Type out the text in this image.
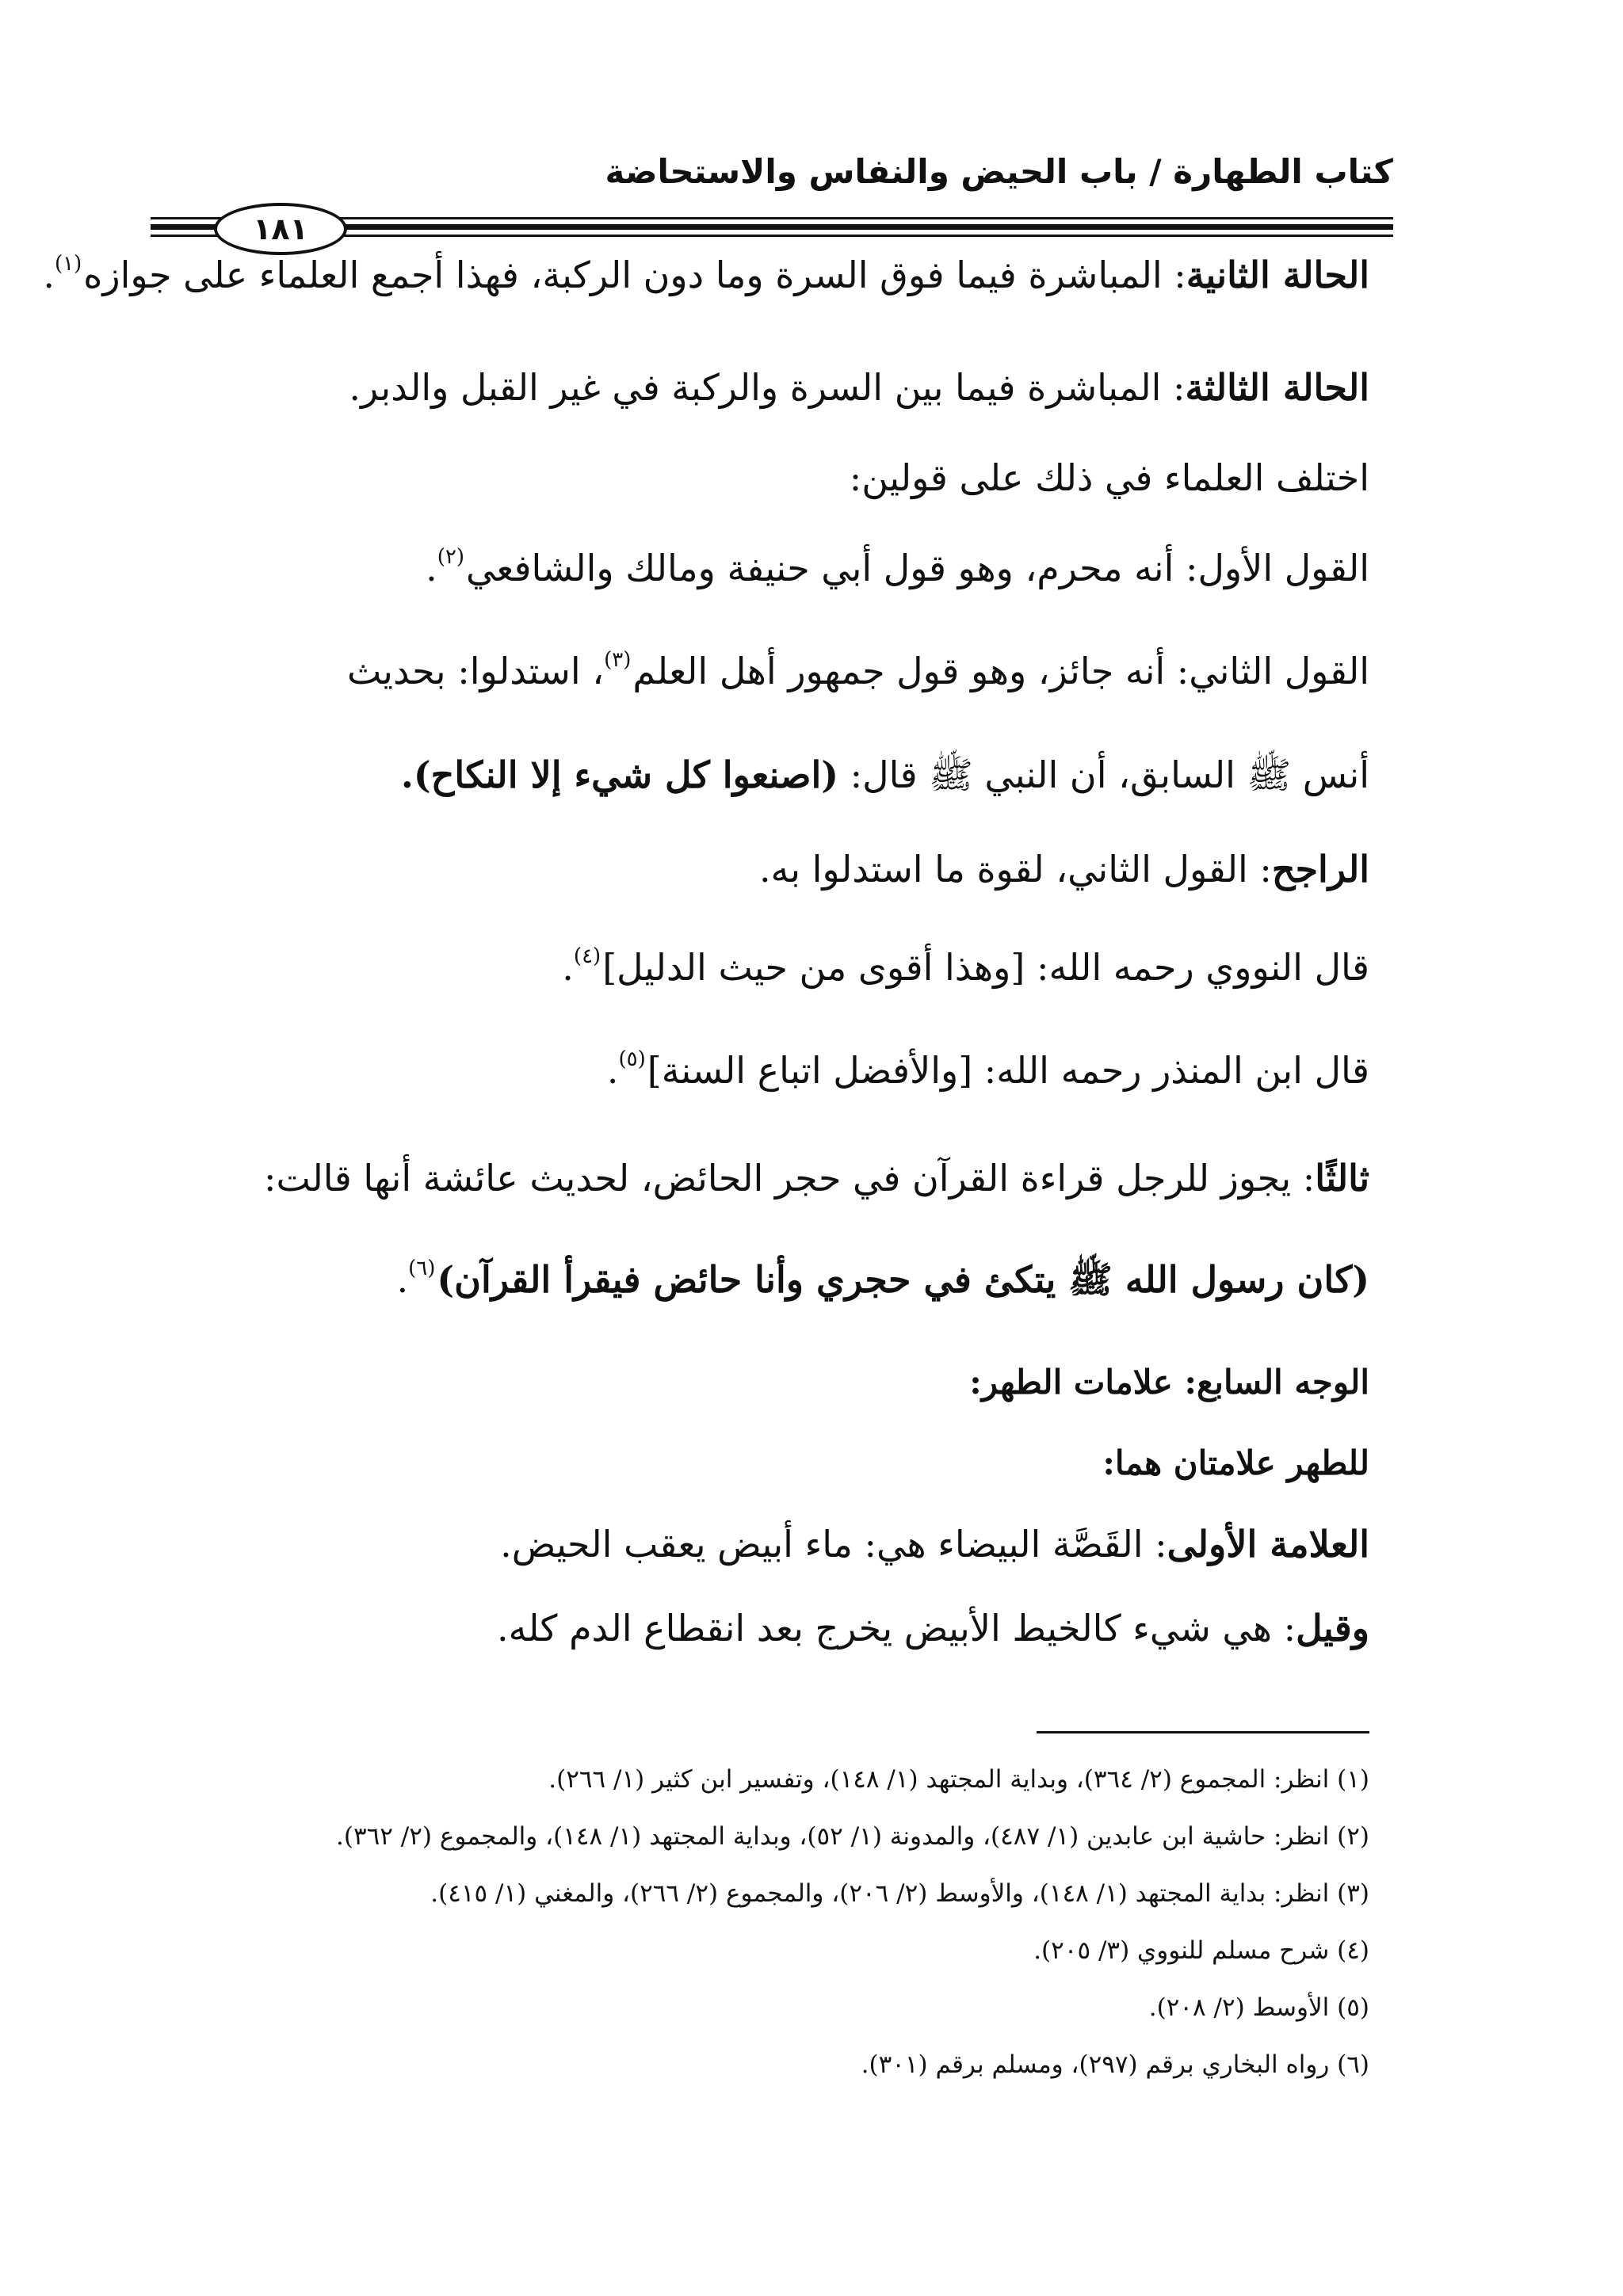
كتاب الطهارة / باب الحيض والنفاس والاستحاضة
١٨١
الحالة الثانية: المباشرة فيما فوق السرة وما دون الركبة، فهذا أجمع العلماء على جوازه$^{(١)}$.
الحالة الثالثة: المباشرة فيما بين السرة والركبة في غير القبل والدبر.
اختلف العلماء في ذلك على قولين:
القول الأول: أنه محرم، وهو قول أبي حنيفة ومالك والشافعي$^{(٢)}$.
القول الثاني: أنه جائز، وهو قول جمهور أهل العلم$^{(٣)}$، استدلوا: بحديث
أنس ﷺ السابق، أن النبي ﷺ قال: (اصنعوا كل شيء إلا النكاح).
الراجح: القول الثاني، لقوة ما استدلوا به.
قال النووي رحمه الله: [وهذا أقوى من حيث الدليل]$^{(٤)}$.
قال ابن المنذر رحمه الله: [والأفضل اتباع السنة]$^{(٥)}$.
ثالثًا: يجوز للرجل قراءة القرآن في حجر الحائض، لحديث عائشة أنها قالت:
(كان رسول الله ﷺ يتكئ في حجري وأنا حائض فيقرأ القرآن)$^{(٦)}$.
الوجه السابع: علامات الطهر:
للطهر علامتان هما:
العلامة الأولى: القَصَّة البيضاء هي: ماء أبيض يعقب الحيض.
وقيل: هي شيء كالخيط الأبيض يخرج بعد انقطاع الدم كله.
(١) انظر: المجموع (٢/ ٣٦٤)، وبداية المجتهد (١/ ١٤٨)، وتفسير ابن كثير (١/ ٢٦٦).
(٢) انظر: حاشية ابن عابدين (١/ ٤٨٧)، والمدونة (١/ ٥٢)، وبداية المجتهد (١/ ١٤٨)، والمجموع (٢/ ٣٦٢).
(٣) انظر: بداية المجتهد (١/ ١٤٨)، والأوسط (٢/ ٢٠٦)، والمجموع (٢/ ٢٦٦)، والمغني (١/ ٤١٥).
(٤) شرح مسلم للنووي (٣/ ٢٠٥).
(٥) الأوسط (٢/ ٢٠٨).
(٦) رواه البخاري برقم (٢٩٧)، ومسلم برقم (٣٠١).
